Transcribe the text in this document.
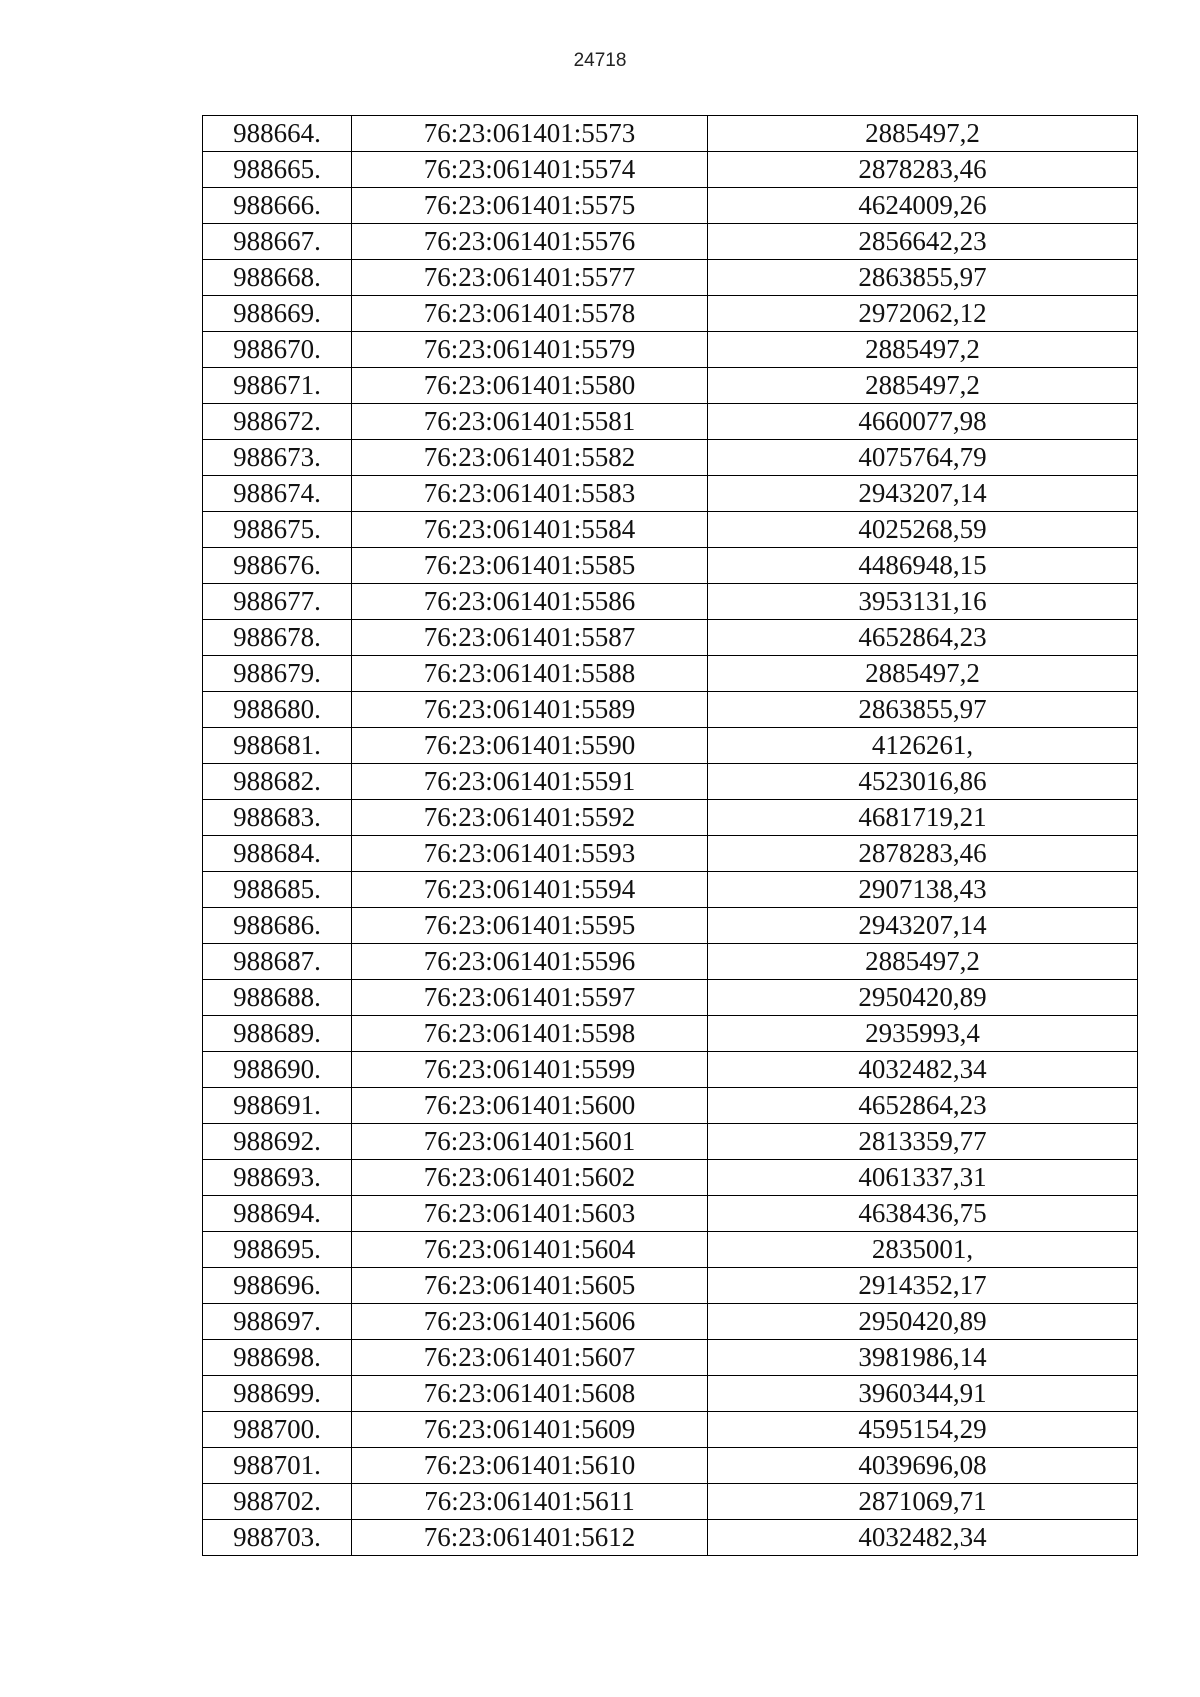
24718
988664.	76:23:061401:5573	2885497,2
988665.	76:23:061401:5574	2878283,46
988666.	76:23:061401:5575	4624009,26
988667.	76:23:061401:5576	2856642,23
988668.	76:23:061401:5577	2863855,97
988669.	76:23:061401:5578	2972062,12
988670.	76:23:061401:5579	2885497,2
988671.	76:23:061401:5580	2885497,2
988672.	76:23:061401:5581	4660077,98
988673.	76:23:061401:5582	4075764,79
988674.	76:23:061401:5583	2943207,14
988675.	76:23:061401:5584	4025268,59
988676.	76:23:061401:5585	4486948,15
988677.	76:23:061401:5586	3953131,16
988678.	76:23:061401:5587	4652864,23
988679.	76:23:061401:5588	2885497,2
988680.	76:23:061401:5589	2863855,97
988681.	76:23:061401:5590	4126261,
988682.	76:23:061401:5591	4523016,86
988683.	76:23:061401:5592	4681719,21
988684.	76:23:061401:5593	2878283,46
988685.	76:23:061401:5594	2907138,43
988686.	76:23:061401:5595	2943207,14
988687.	76:23:061401:5596	2885497,2
988688.	76:23:061401:5597	2950420,89
988689.	76:23:061401:5598	2935993,4
988690.	76:23:061401:5599	4032482,34
988691.	76:23:061401:5600	4652864,23
988692.	76:23:061401:5601	2813359,77
988693.	76:23:061401:5602	4061337,31
988694.	76:23:061401:5603	4638436,75
988695.	76:23:061401:5604	2835001,
988696.	76:23:061401:5605	2914352,17
988697.	76:23:061401:5606	2950420,89
988698.	76:23:061401:5607	3981986,14
988699.	76:23:061401:5608	3960344,91
988700.	76:23:061401:5609	4595154,29
988701.	76:23:061401:5610	4039696,08
988702.	76:23:061401:5611	2871069,71
988703.	76:23:061401:5612	4032482,34
